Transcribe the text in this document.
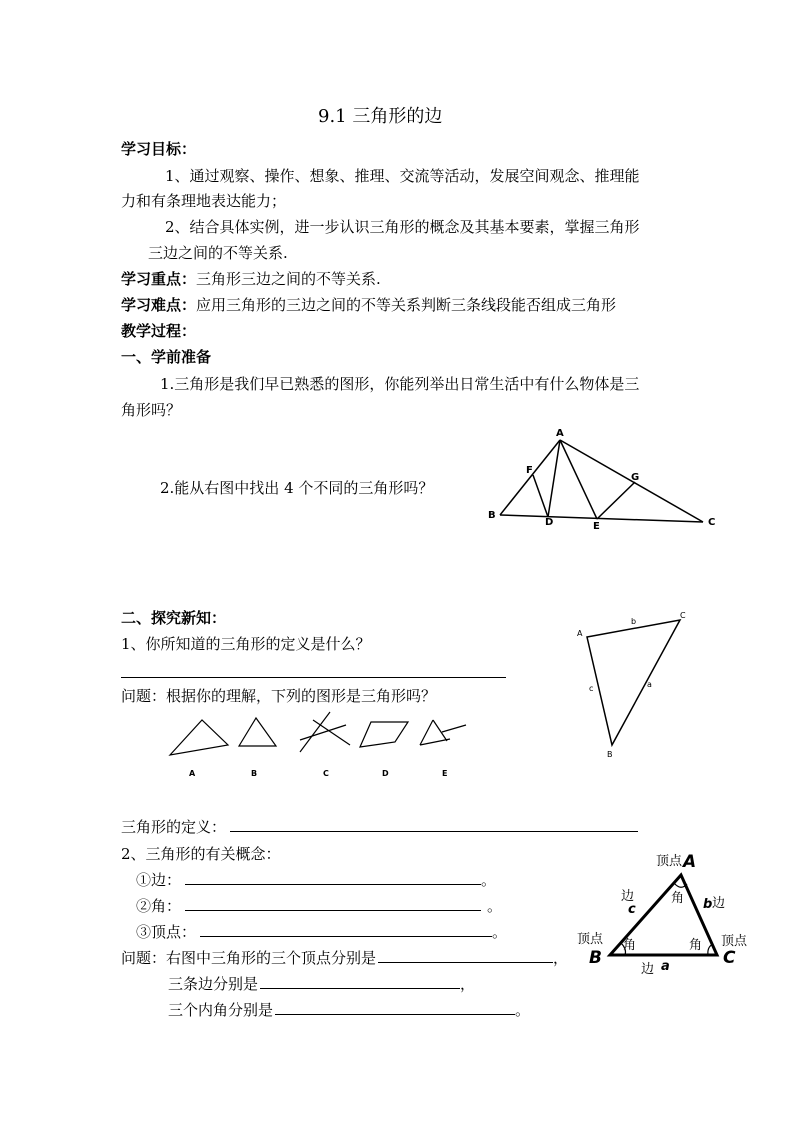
9.1 三角形的边
学习目标：
1、通过观察、操作、想象、推理、交流等活动，发展空间观念、推理能
力和有条理地表达能力；
2、结合具体实例，进一步认识三角形的概念及其基本要素，掌握三角形
三边之间的不等关系.
学习重点：三角形三边之间的不等关系.
学习难点：应用三角形的三边之间的不等关系判断三条线段能否组成三角形
教学过程：
一、学前准备
1.三角形是我们早已熟悉的图形，你能列举出日常生活中有什么物体是三
角形吗？
2.能从右图中找出 4 个不同的三角形吗？
A
B
C
D	E
F
G
二、探究新知：
1、你所知道的三角形的定义是什么？
问题：根据你的理解，下列的图形是三角形吗？
A	B	C	D	E
A
C
B
b
a
c
三角形的定义：
2、三角形的有关概念：
①边：	。
②角：	。
③顶点：	。
问题：右图中三角形的三个顶点分别是	，
三条边分别是	，
三个内角分别是	。
顶点
顶点	顶点
边	边
边
角
角	角
A
B	C
c	b
a
